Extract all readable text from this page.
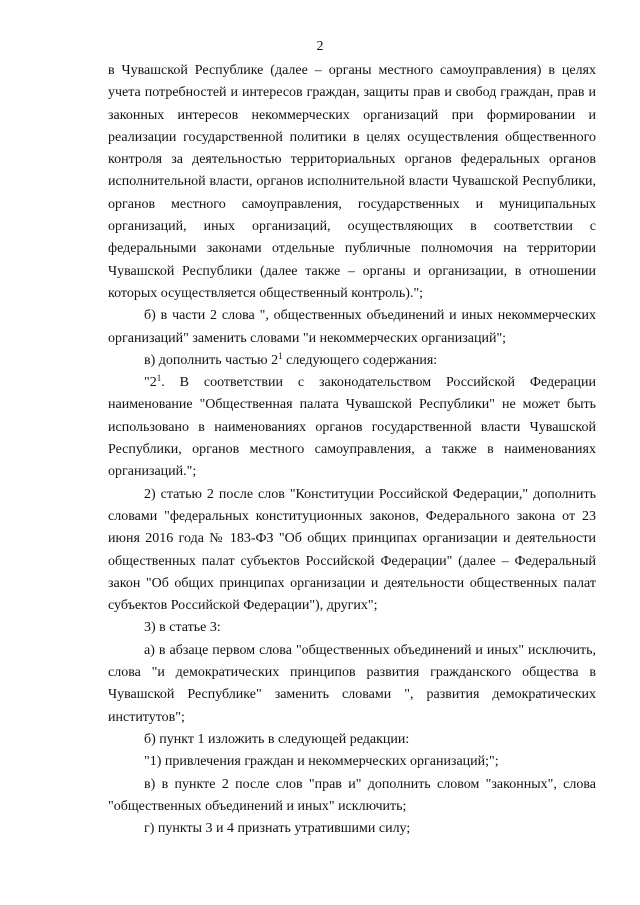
2

в Чувашской Республике (далее – органы местного самоуправления) в целях учета потребностей и интересов граждан, защиты прав и свобод граждан, прав и законных интересов некоммерческих организаций при формировании и реализации государственной политики в целях осуществления общественного контроля за деятельностью территориальных органов федеральных органов исполнительной власти, органов исполнительной власти Чувашской Республики, органов местного самоуправления, государственных и муниципальных организаций, иных организаций, осуществляющих в соответствии с федеральными законами отдельные публичные полномочия на территории Чувашской Республики (далее также – органы и организации, в отношении которых осуществляется общественный контроль).";

б) в части 2 слова ", общественных объединений и иных некоммерческих организаций" заменить словами "и некоммерческих организаций";

в) дополнить частью $2^1$ следующего содержания:

"$2^1$. В соответствии с законодательством Российской Федерации наименование "Общественная палата Чувашской Республики" не может быть использовано в наименованиях органов государственной власти Чувашской Республики, органов местного самоуправления, а также в наименованиях организаций.";

2) статью 2 после слов "Конституции Российской Федерации," дополнить словами "федеральных конституционных законов, Федерального закона от 23 июня 2016 года № 183-ФЗ "Об общих принципах организации и деятельности общественных палат субъектов Российской Федерации" (далее – Федеральный закон "Об общих принципах организации и деятельности общественных палат субъектов Российской Федерации"), других";

3) в статье 3:

а) в абзаце первом слова "общественных объединений и иных" исключить, слова "и демократических принципов развития гражданского общества в Чувашской Республике" заменить словами ", развития демократических институтов";

б) пункт 1 изложить в следующей редакции:

"1) привлечения граждан и некоммерческих организаций;";

в) в пункте 2 после слов "прав и" дополнить словом "законных", слова "общественных объединений и иных" исключить;

г) пункты 3 и 4 признать утратившими силу;
